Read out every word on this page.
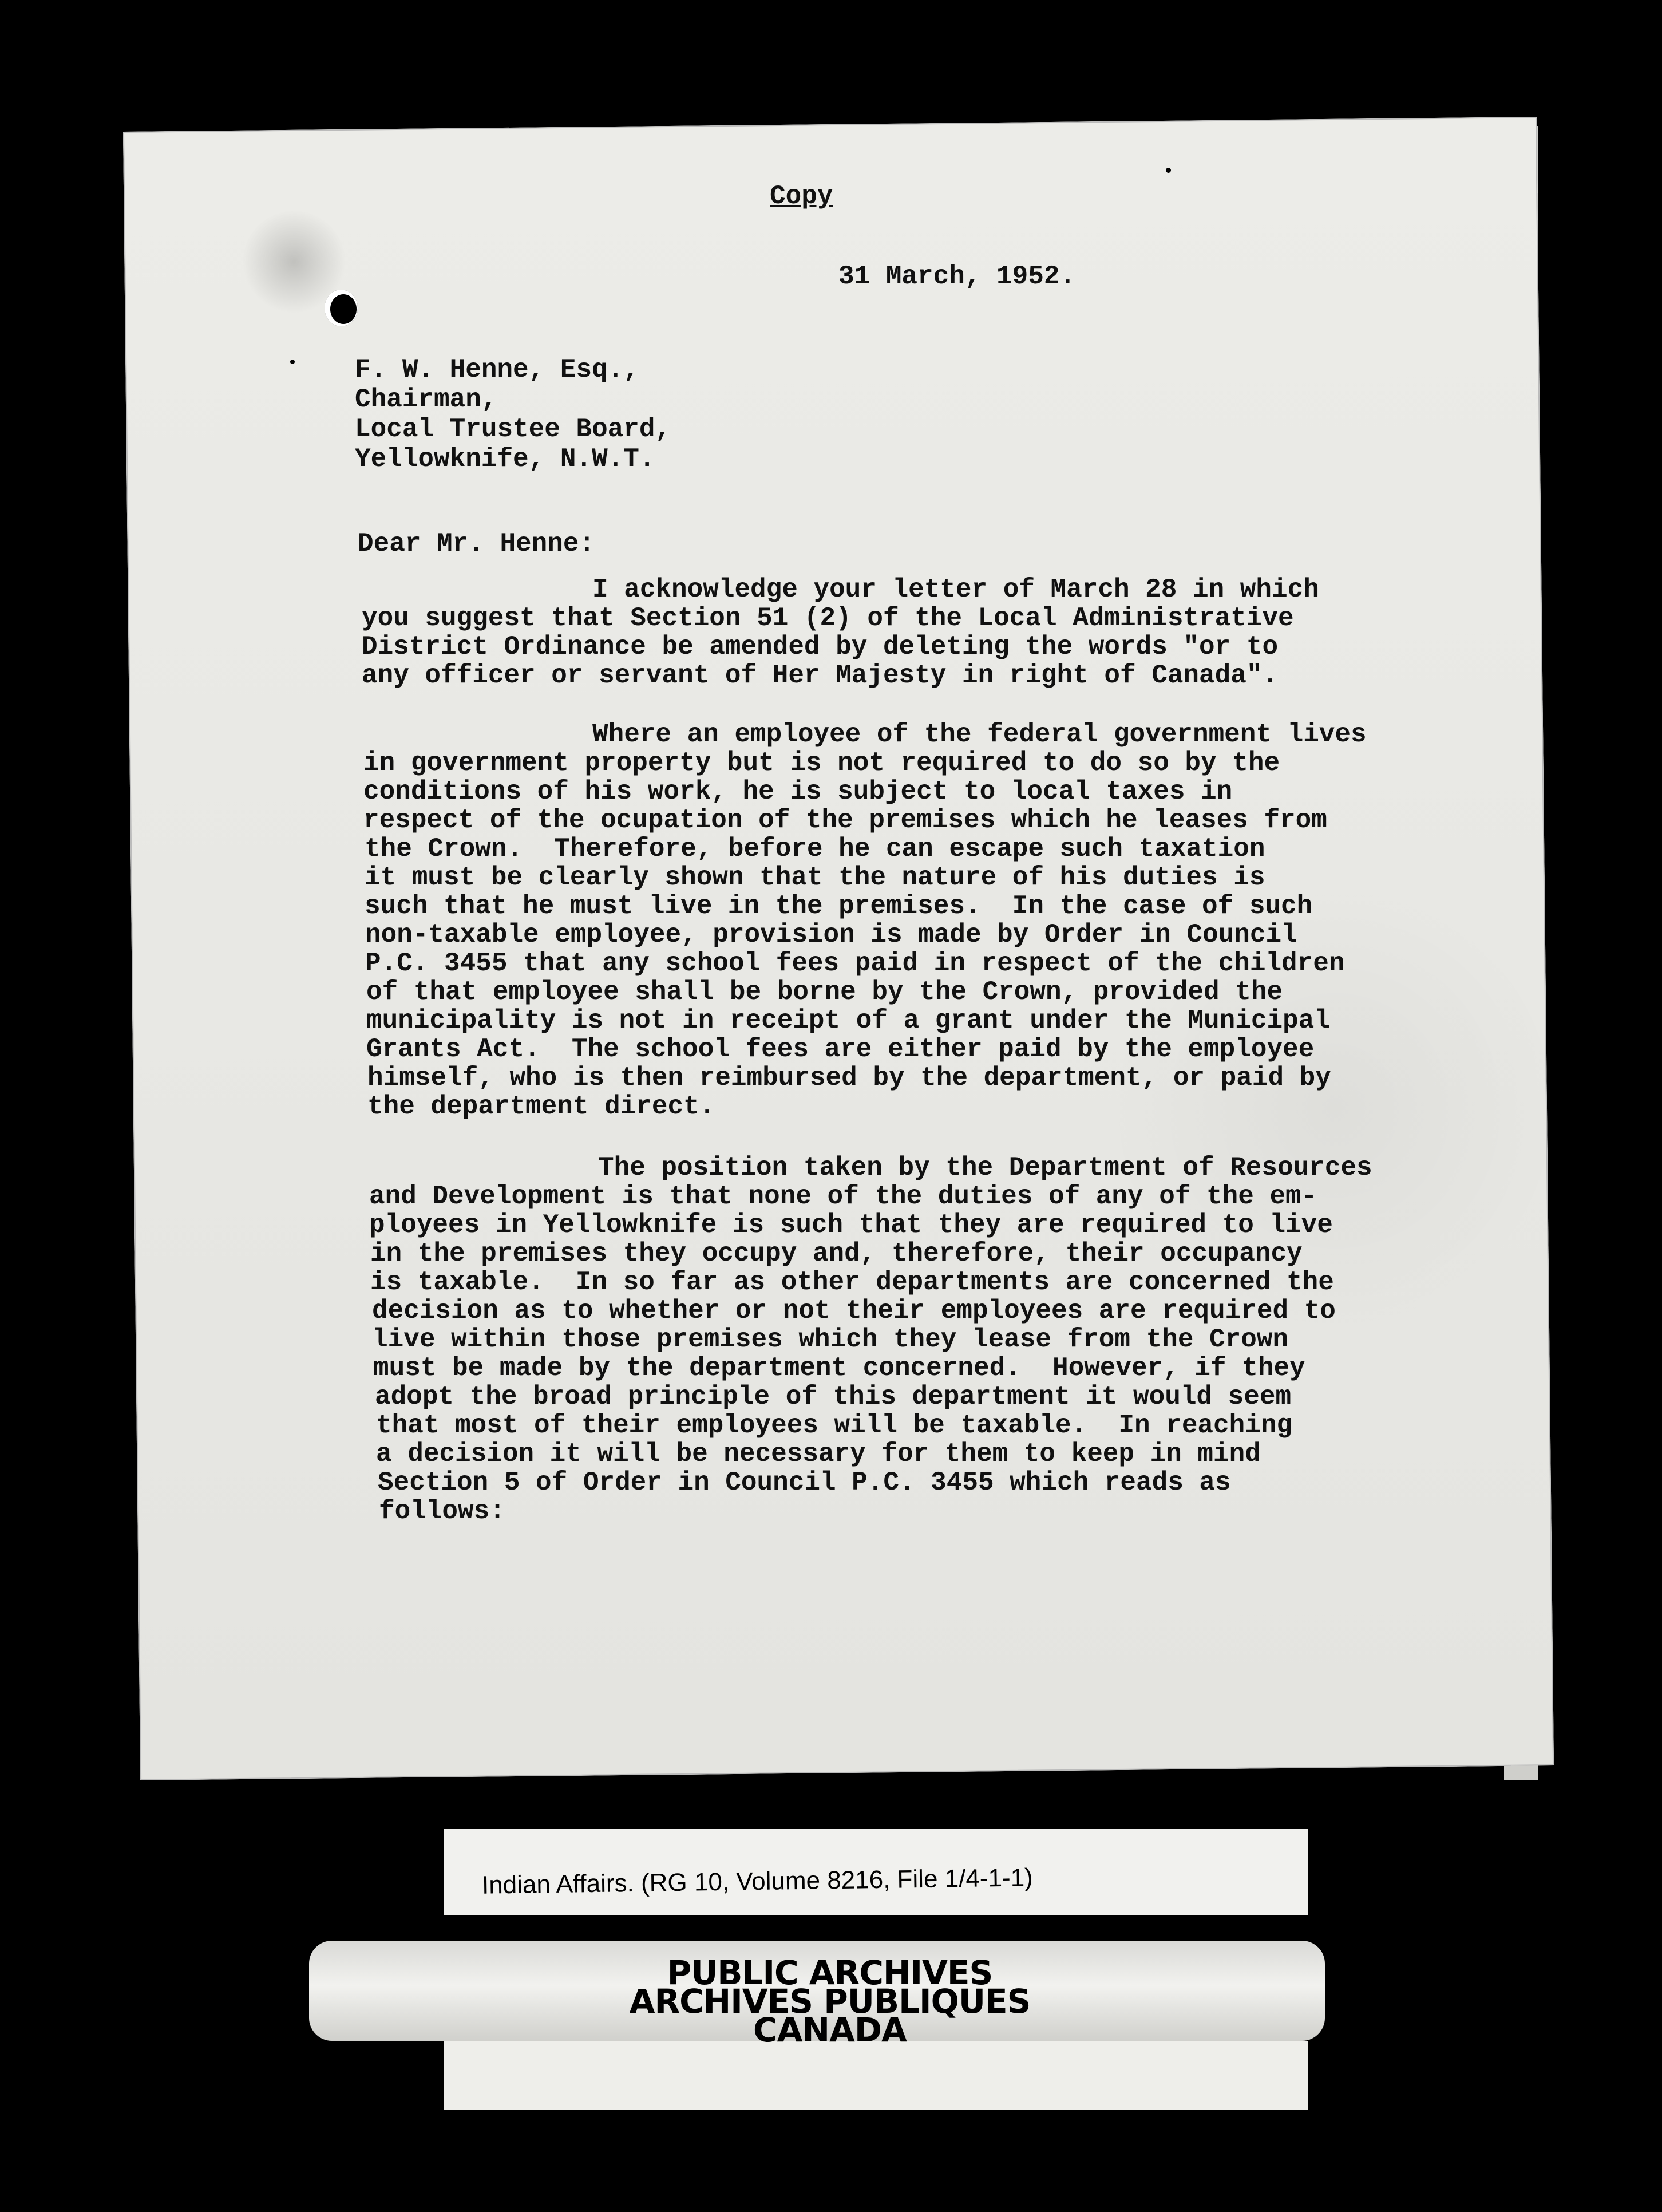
Copy
31 March, 1952.
F. W. Henne, Esq.,
Chairman,
Local Trustee Board,
Yellowknife, N.W.T.
Dear Mr. Henne:
I acknowledge your letter of March 28 in which
you suggest that Section 51 (2) of the Local Administrative
District Ordinance be amended by deleting the words "or to
any officer or servant of Her Majesty in right of Canada".
Where an employee of the federal government lives
in government property but is not required to do so by the
conditions of his work, he is subject to local taxes in
respect of the ocupation of the premises which he leases from
the Crown.  Therefore, before he can escape such taxation
it must be clearly shown that the nature of his duties is
such that he must live in the premises.  In the case of such
non-taxable employee, provision is made by Order in Council
P.C. 3455 that any school fees paid in respect of the children
of that employee shall be borne by the Crown, provided the
municipality is not in receipt of a grant under the Municipal
Grants Act.  The school fees are either paid by the employee
himself, who is then reimbursed by the department, or paid by
the department direct.
The position taken by the Department of Resources
and Development is that none of the duties of any of the em-
ployees in Yellowknife is such that they are required to live
in the premises they occupy and, therefore, their occupancy
is taxable.  In so far as other departments are concerned the
decision as to whether or not their employees are required to
live within those premises which they lease from the Crown
must be made by the department concerned.  However, if they
adopt the broad principle of this department it would seem
that most of their employees will be taxable.  In reaching
a decision it will be necessary for them to keep in mind
Section 5 of Order in Council P.C. 3455 which reads as
follows:
Indian Affairs. (RG 10, Volume 8216, File 1/4-1-1)
PUBLIC ARCHIVES
ARCHIVES PUBLIQUES
CANADA
